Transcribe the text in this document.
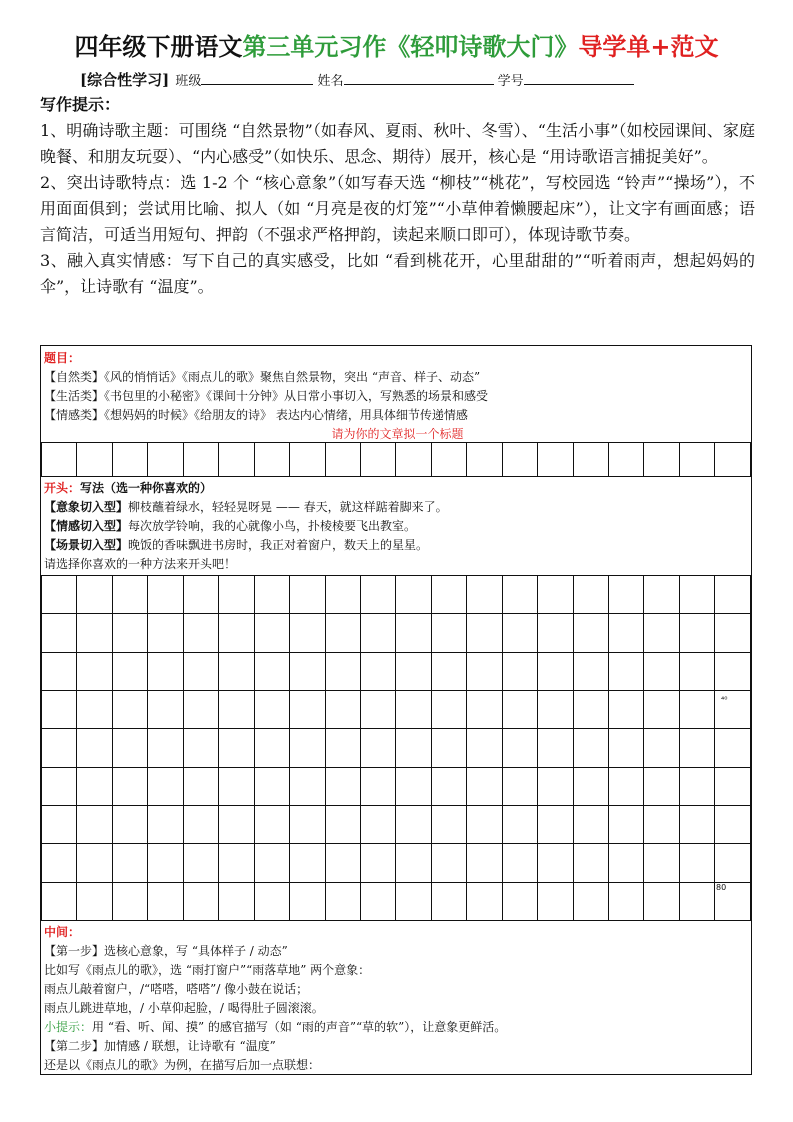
四年级下册语文第三单元习作《轻叩诗歌大门》导学单+范文
[综合性学习] 班级	姓名	学号
写作提示：

1、明确诗歌主题：可围绕 “自然景物”（如春风、夏雨、秋叶、冬雪）、“生活小事”（如校园课间、家庭晚餐、和朋友玩耍）、“内心感受”（如快乐、思念、期待）展开，核心是 “用诗歌语言捕捉美好”。

2、突出诗歌特点：选 1-2 个 “核心意象”（如写春天选 “柳枝”“桃花”，写校园选 “铃声”“操场”），不用面面俱到；尝试用比喻、拟人（如 “月亮是夜的灯笼”“小草伸着懒腰起床”），让文字有画面感；语言简洁，可适当用短句、押韵（不强求严格押韵，读起来顺口即可），体现诗歌节奏。

3、融入真实情感：写下自己的真实感受，比如 “看到桃花开，心里甜甜的”“听着雨声，想起妈妈的伞”，让诗歌有 “温度”。

题目：
【自然类】《风的悄悄话》《雨点儿的歌》聚焦自然景物，突出 “声音、样子、动态”
【生活类】《书包里的小秘密》《课间十分钟》从日常小事切入，写熟悉的场景和感受
【情感类】《想妈妈的时候》《给朋友的诗》 表达内心情绪，用具体细节传递情感
请为你的文章拟一个标题

开头：写法（选一种你喜欢的）
【意象切入型】柳枝蘸着绿水，轻轻晃呀晃 —— 春天，就这样踮着脚来了。
【情感切入型】每次放学铃响，我的心就像小鸟，扑棱棱要飞出教室。
【场景切入型】晚饭的香味飘进书房时，我正对着窗户，数天上的星星。
请选择你喜欢的一种方法来开头吧！

⁴⁰
80
中间：
【第一步】选核心意象，写 “具体样子 / 动态”
比如写《雨点儿的歌》，选 “雨打窗户”“雨落草地” 两个意象：
雨点儿敲着窗户，/“嗒嗒，嗒嗒”/ 像小鼓在说话；
雨点儿跳进草地，/ 小草仰起脸，/ 喝得肚子圆滚滚。
小提示：用 “看、听、闻、摸” 的感官描写（如 “雨的声音”“草的软”），让意象更鲜活。
【第二步】加情感 / 联想，让诗歌有 “温度”
还是以《雨点儿的歌》为例，在描写后加一点联想：
